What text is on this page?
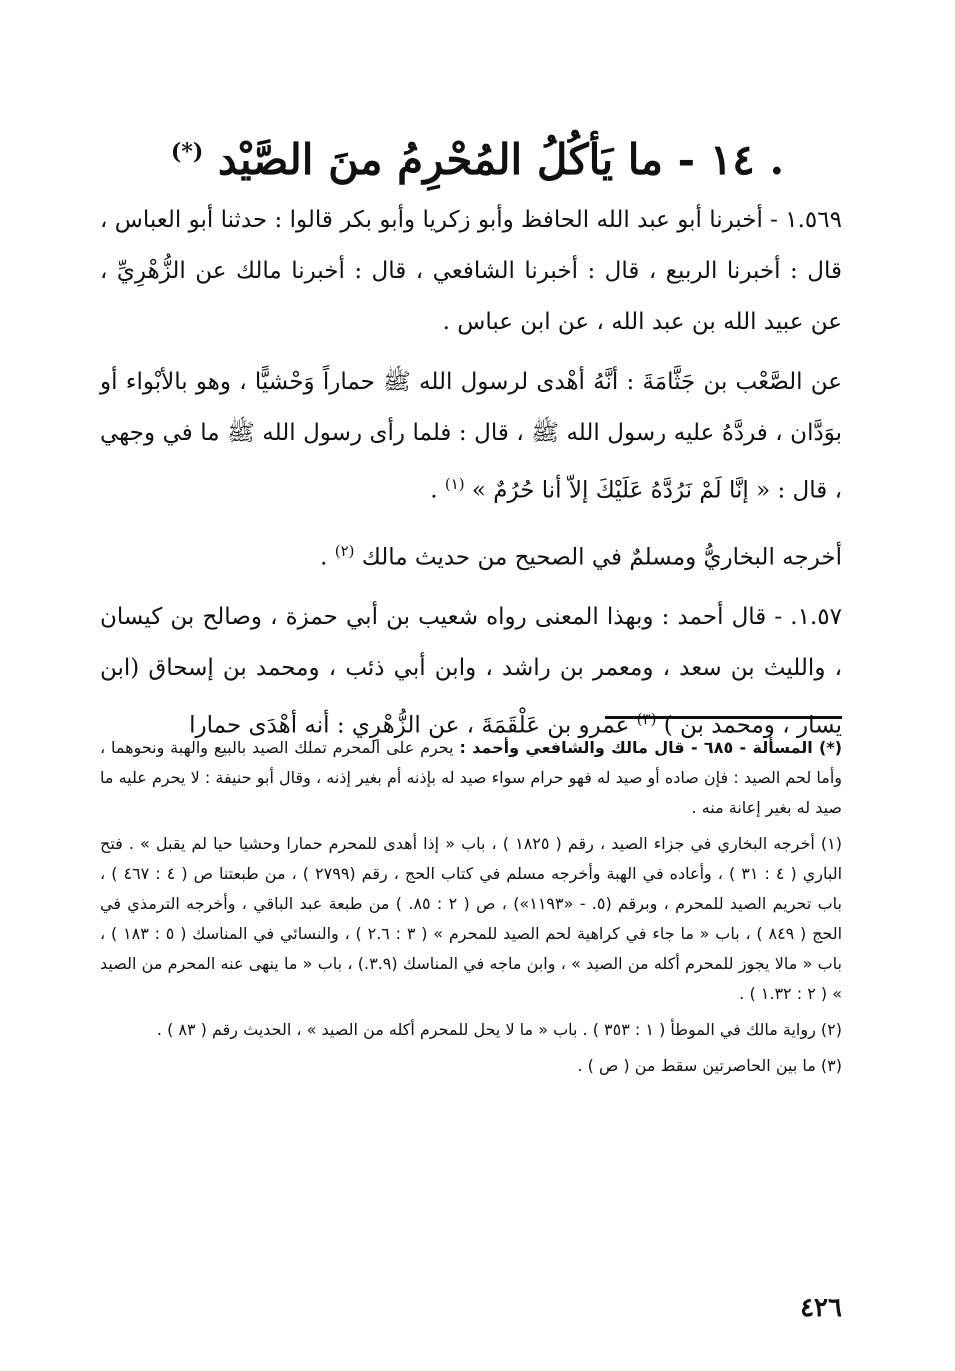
. ١٤ - ما يَأكُلُ المُحْرِمُ منَ الصَّيْد (*)

١.٥٦٩ - أخبرنا أبو عبد الله الحافظ وأبو زكريا وأبو بكر قالوا : حدثنا أبو العباس ، قال : أخبرنا الربيع ، قال : أخبرنا الشافعي ، قال : أخبرنا مالك عن الزُّهْرِيِّ ، عن عبيد الله بن عبد الله ، عن ابن عباس .

عن الصَّعْب بن جَثَّامَةَ : أنَّهُ أهْدى لرسول الله ﷺ حماراً وَحْشيًّا ، وهو بالأبْواء أو بوَدَّان ، فردَّهُ عليه رسول الله ﷺ ، قال : فلما رأى رسول الله ﷺ ما في وجهي ، قال : « إنَّا لَمْ نَرُدَّهُ عَلَيْكَ إلاّ أنا حُرُمٌ » $^{(١)}$ .

أخرجه البخاريُّ ومسلمٌ في الصحيح من حديث مالك $^{(٢)}$ .

١.٥٧. - قال أحمد : وبهذا المعنى رواه شعيب بن أبي حمزة ، وصالح بن كيسان ، والليث بن سعد ، ومعمر بن راشد ، وابن أبي ذئب ، ومحمد بن إسحاق (ابن يسار ، ومحمد بن ) $^{(٣)}$ عمرو بن عَلْقَمَةَ ، عن الزُّهْرِي : أنه أهْدَى حمارا

(*) المسألة - ٦٨٥ - قال مالك والشافعي وأحمد : يحرم على المحرم تملك الصيد بالبيع والهبة ونحوهما ، وأما لحم الصيد : فإن صاده أو صيد له فهو حرام سواء صيد له بإذنه أم بغير إذنه ، وقال أبو حنيفة : لا يحرم عليه ما صيد له بغير إعانة منه .

(١) أخرجه البخاري في جزاء الصيد ، رقم ( ١٨٢٥ ) ، باب « إذا أهدى للمحرم حمارا وحشيا حيا لم يقبل » . فتح الباري ( ٤ : ٣١ ) ، وأعاده في الهبة وأخرجه مسلم في كتاب الحج ، رقم (٢٧٩٩ ) ، من طبعتنا ص ( ٤ : ٤٦٧ ) ، باب تحريم الصيد للمحرم ، وبرقم (٥. - «١١٩٣») ، ص ( ٢ : ٨٥. ) من طبعة عبد الباقي ، وأخرجه الترمذي في الحج ( ٨٤٩ ) ، باب « ما جاء في كراهية لحم الصيد للمحرم » ( ٣ : ٢.٦ ) ، والنسائي في المناسك ( ٥ : ١٨٣ ) ، باب « مالا يجوز للمحرم أكله من الصيد » ، وابن ماجه في المناسك (٣.٩.) ، باب « ما ينهى عنه المحرم من الصيد » ( ٢ : ١.٣٢ ) .

(٢) رواية مالك في الموطأ ( ١ : ٣٥٣ ) . باب « ما لا يحل للمحرم أكله من الصيد » ، الحديث رقم ( ٨٣ ) .

(٣) ما بين الحاصرتين سقط من ( ص ) .

٤٢٦
